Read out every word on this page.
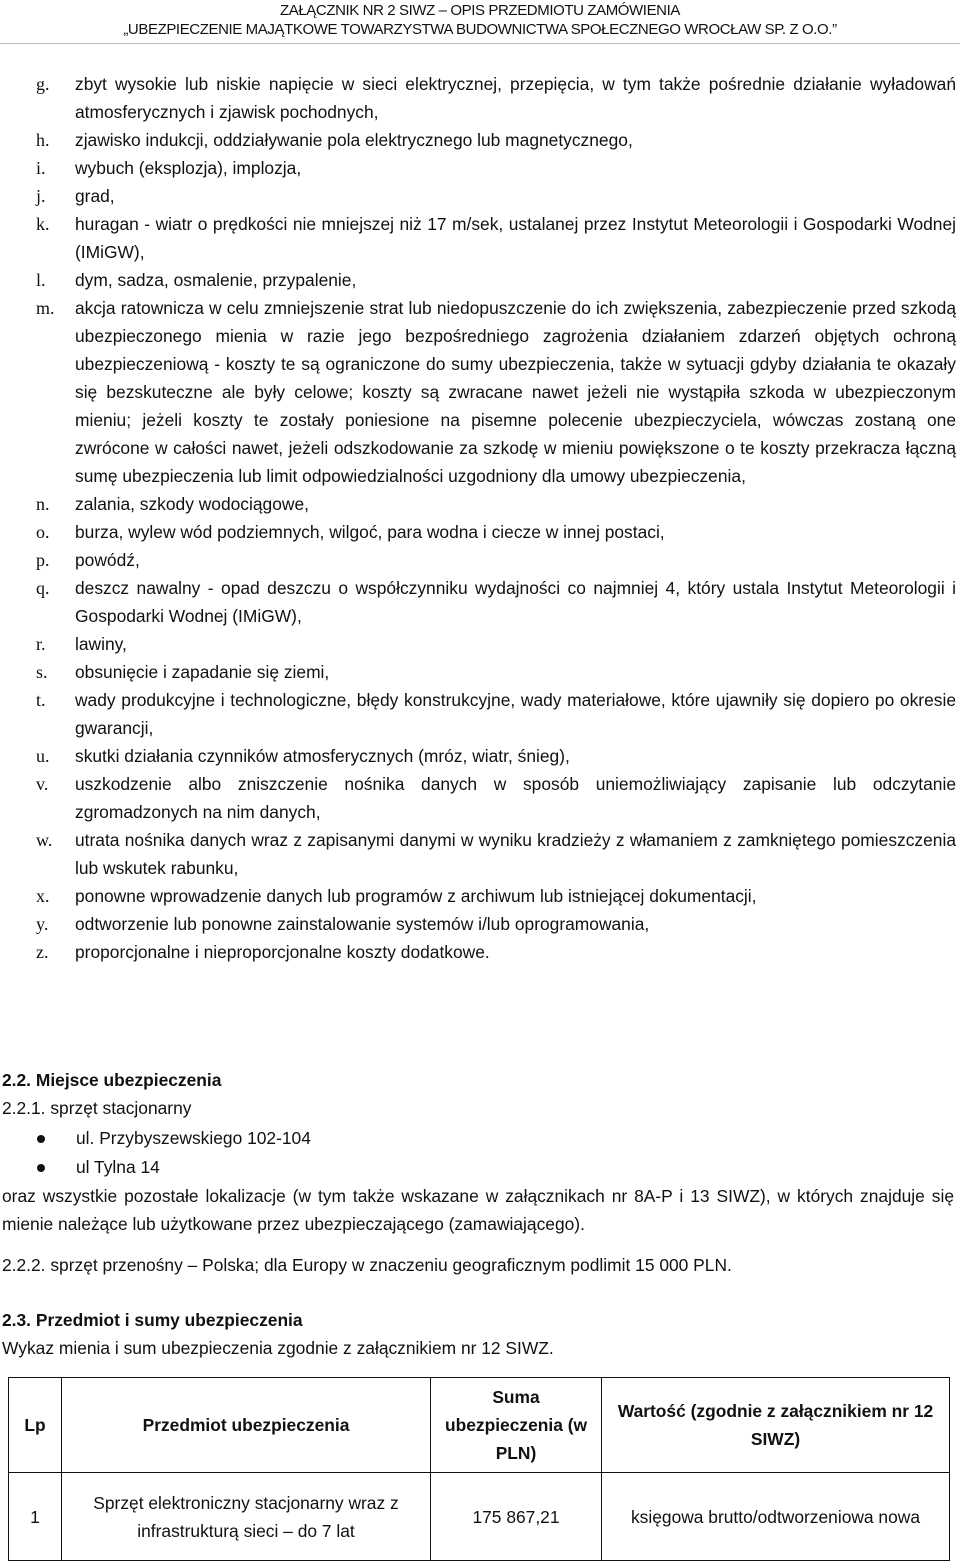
ZAŁĄCZNIK NR 2 SIWZ – OPIS PRZEDMIOTU ZAMÓWIENIA
„UBEZPIECZENIE MAJĄTKOWE TOWARZYSTWA BUDOWNICTWA SPOŁECZNEGO WROCŁAW SP. Z O.O.”
g. zbyt wysokie lub niskie napięcie w sieci elektrycznej, przepięcia, w tym także pośrednie działanie wyładowań atmosferycznych i zjawisk pochodnych,
h. zjawisko indukcji, oddziaływanie pola elektrycznego lub magnetycznego,
i. wybuch (eksplozja), implozja,
j. grad,
k. huragan - wiatr o prędkości nie mniejszej niż 17 m/sek, ustalanej przez Instytut Meteorologii i Gospodarki Wodnej (IMiGW),
l. dym, sadza, osmalenie, przypalenie,
m. akcja ratownicza w celu zmniejszenie strat lub niedopuszczenie do ich zwiększenia, zabezpieczenie przed szkodą ubezpieczonego mienia w razie jego bezpośredniego zagrożenia działaniem zdarzeń objętych ochroną ubezpieczeniową - koszty te są ograniczone do sumy ubezpieczenia, także w sytuacji gdyby działania te okazały się bezskuteczne ale były celowe; koszty są zwracane nawet jeżeli nie wystąpiła szkoda w ubezpieczonym mieniu; jeżeli koszty te zostały poniesione na pisemne polecenie ubezpieczyciela, wówczas zostaną one zwrócone w całości nawet, jeżeli odszkodowanie za szkodę w mieniu powiększone o te koszty przekracza łączną sumę ubezpieczenia lub limit odpowiedzialności uzgodniony dla umowy ubezpieczenia,
n. zalania, szkody wodociągowe,
o. burza, wylew wód podziemnych, wilgoć, para wodna i ciecze w innej postaci,
p. powódź,
q. deszcz nawalny - opad deszczu o współczynniku wydajności co najmniej 4, który ustala Instytut Meteorologii i Gospodarki Wodnej (IMiGW),
r. lawiny,
s. obsunięcie i zapadanie się ziemi,
t. wady produkcyjne i technologiczne, błędy konstrukcyjne, wady materiałowe, które ujawniły się dopiero po okresie gwarancji,
u. skutki działania czynników atmosferycznych (mróz, wiatr, śnieg),
v. uszkodzenie albo zniszczenie nośnika danych w sposób uniemożliwiający zapisanie lub odczytanie zgromadzonych na nim danych,
w. utrata nośnika danych wraz z zapisanymi danymi w wyniku kradzieży z włamaniem z zamkniętego pomieszczenia lub wskutek rabunku,
x. ponowne wprowadzenie danych lub programów z archiwum lub istniejącej dokumentacji,
y. odtworzenie lub ponowne zainstalowanie systemów i/lub oprogramowania,
z. proporcjonalne i nieproporcjonalne koszty dodatkowe.
2.2. Miejsce ubezpieczenia
2.2.1. sprzęt stacjonarny
ul. Przybyszewskiego 102-104
ul Tylna 14
oraz wszystkie pozostałe lokalizacje (w tym także wskazane w załącznikach nr 8A-P i 13 SIWZ), w których znajduje się mienie należące lub użytkowane przez ubezpieczającego (zamawiającego).
2.2.2. sprzęt przenośny – Polska; dla Europy w znaczeniu geograficznym podlimit 15 000 PLN.
2.3. Przedmiot i sumy ubezpieczenia
Wykaz mienia i sum ubezpieczenia zgodnie z załącznikiem nr 12 SIWZ.
Lp	Przedmiot ubezpieczenia	Suma ubezpieczenia (w PLN)	Wartość (zgodnie z załącznikiem nr 12 SIWZ)
1	Sprzęt elektroniczny stacjonarny wraz z infrastrukturą sieci – do 7 lat	175 867,21	księgowa brutto/odtworzeniowa nowa
